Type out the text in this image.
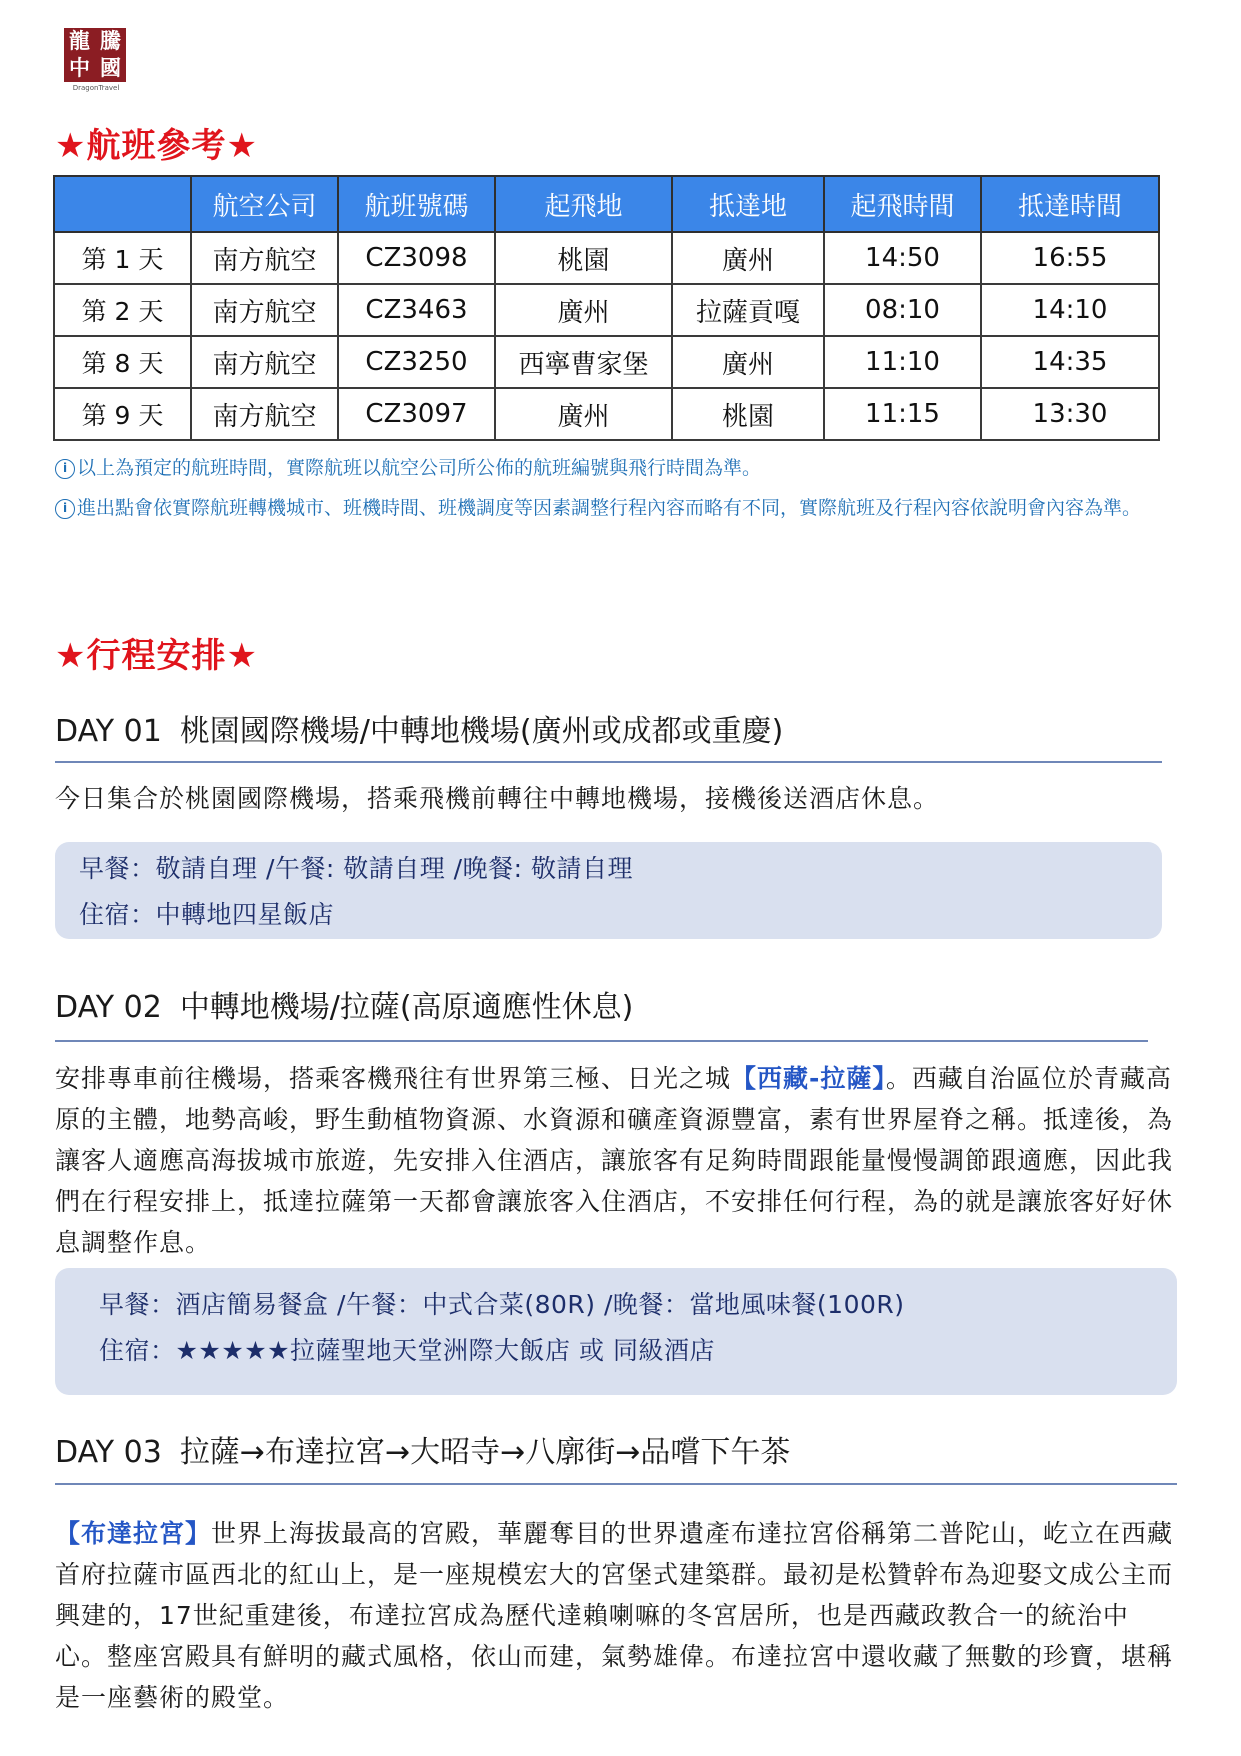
龍 騰
中 國
DragonTravel
★航班參考★
	航空公司	航班號碼	起飛地	抵達地	起飛時間	抵達時間
第 1 天	南方航空	CZ3098	桃園	廣州	14:50	16:55
第 2 天	南方航空	CZ3463	廣州	拉薩貢嘎	08:10	14:10
第 8 天	南方航空	CZ3250	西寧曹家堡	廣州	11:10	14:35
第 9 天	南方航空	CZ3097	廣州	桃園	11:15	13:30
i 以上為預定的航班時間，實際航班以航空公司所公佈的航班編號與飛行時間為準。
i 進出點會依實際航班轉機城市、班機時間、班機調度等因素調整行程內容而略有不同，實際航班及行程內容依說明會內容為準。
★行程安排★
DAY 01 桃園國際機場/中轉地機場(廣州或成都或重慶)
今日集合於桃園國際機場，搭乘飛機前轉往中轉地機場，接機後送酒店休息。
早餐：敬請自理 /午餐: 敬請自理 /晚餐: 敬請自理
住宿：中轉地四星飯店
DAY 02 中轉地機場/拉薩(高原適應性休息)
安排專車前往機場，搭乘客機飛往有世界第三極、日光之城【西藏-拉薩】。西藏自治區位於青藏高原的主體，地勢高峻，野生動植物資源、水資源和礦產資源豐富，素有世界屋脊之稱。抵達後，為讓客人適應高海拔城市旅遊，先安排入住酒店，讓旅客有足夠時間跟能量慢慢調節跟適應，因此我們在行程安排上，抵達拉薩第一天都會讓旅客入住酒店，不安排任何行程，為的就是讓旅客好好休息調整作息。
早餐：酒店簡易餐盒 /午餐：中式合菜(80R) /晚餐：當地風味餐(100R)
住宿：★★★★★拉薩聖地天堂洲際大飯店 或 同級酒店
DAY 03 拉薩→布達拉宮→大昭寺→八廓街→品嚐下午茶
【布達拉宮】世界上海拔最高的宮殿，華麗奪目的世界遺產布達拉宮俗稱第二普陀山，屹立在西藏首府拉薩市區西北的紅山上，是一座規模宏大的宮堡式建築群。最初是松贊幹布為迎娶文成公主而興建的，17世紀重建後，布達拉宮成為歷代達賴喇嘛的冬宮居所，也是西藏政教合一的統治中心。整座宮殿具有鮮明的藏式風格，依山而建，氣勢雄偉。布達拉宮中還收藏了無數的珍寶，堪稱是一座藝術的殿堂。
